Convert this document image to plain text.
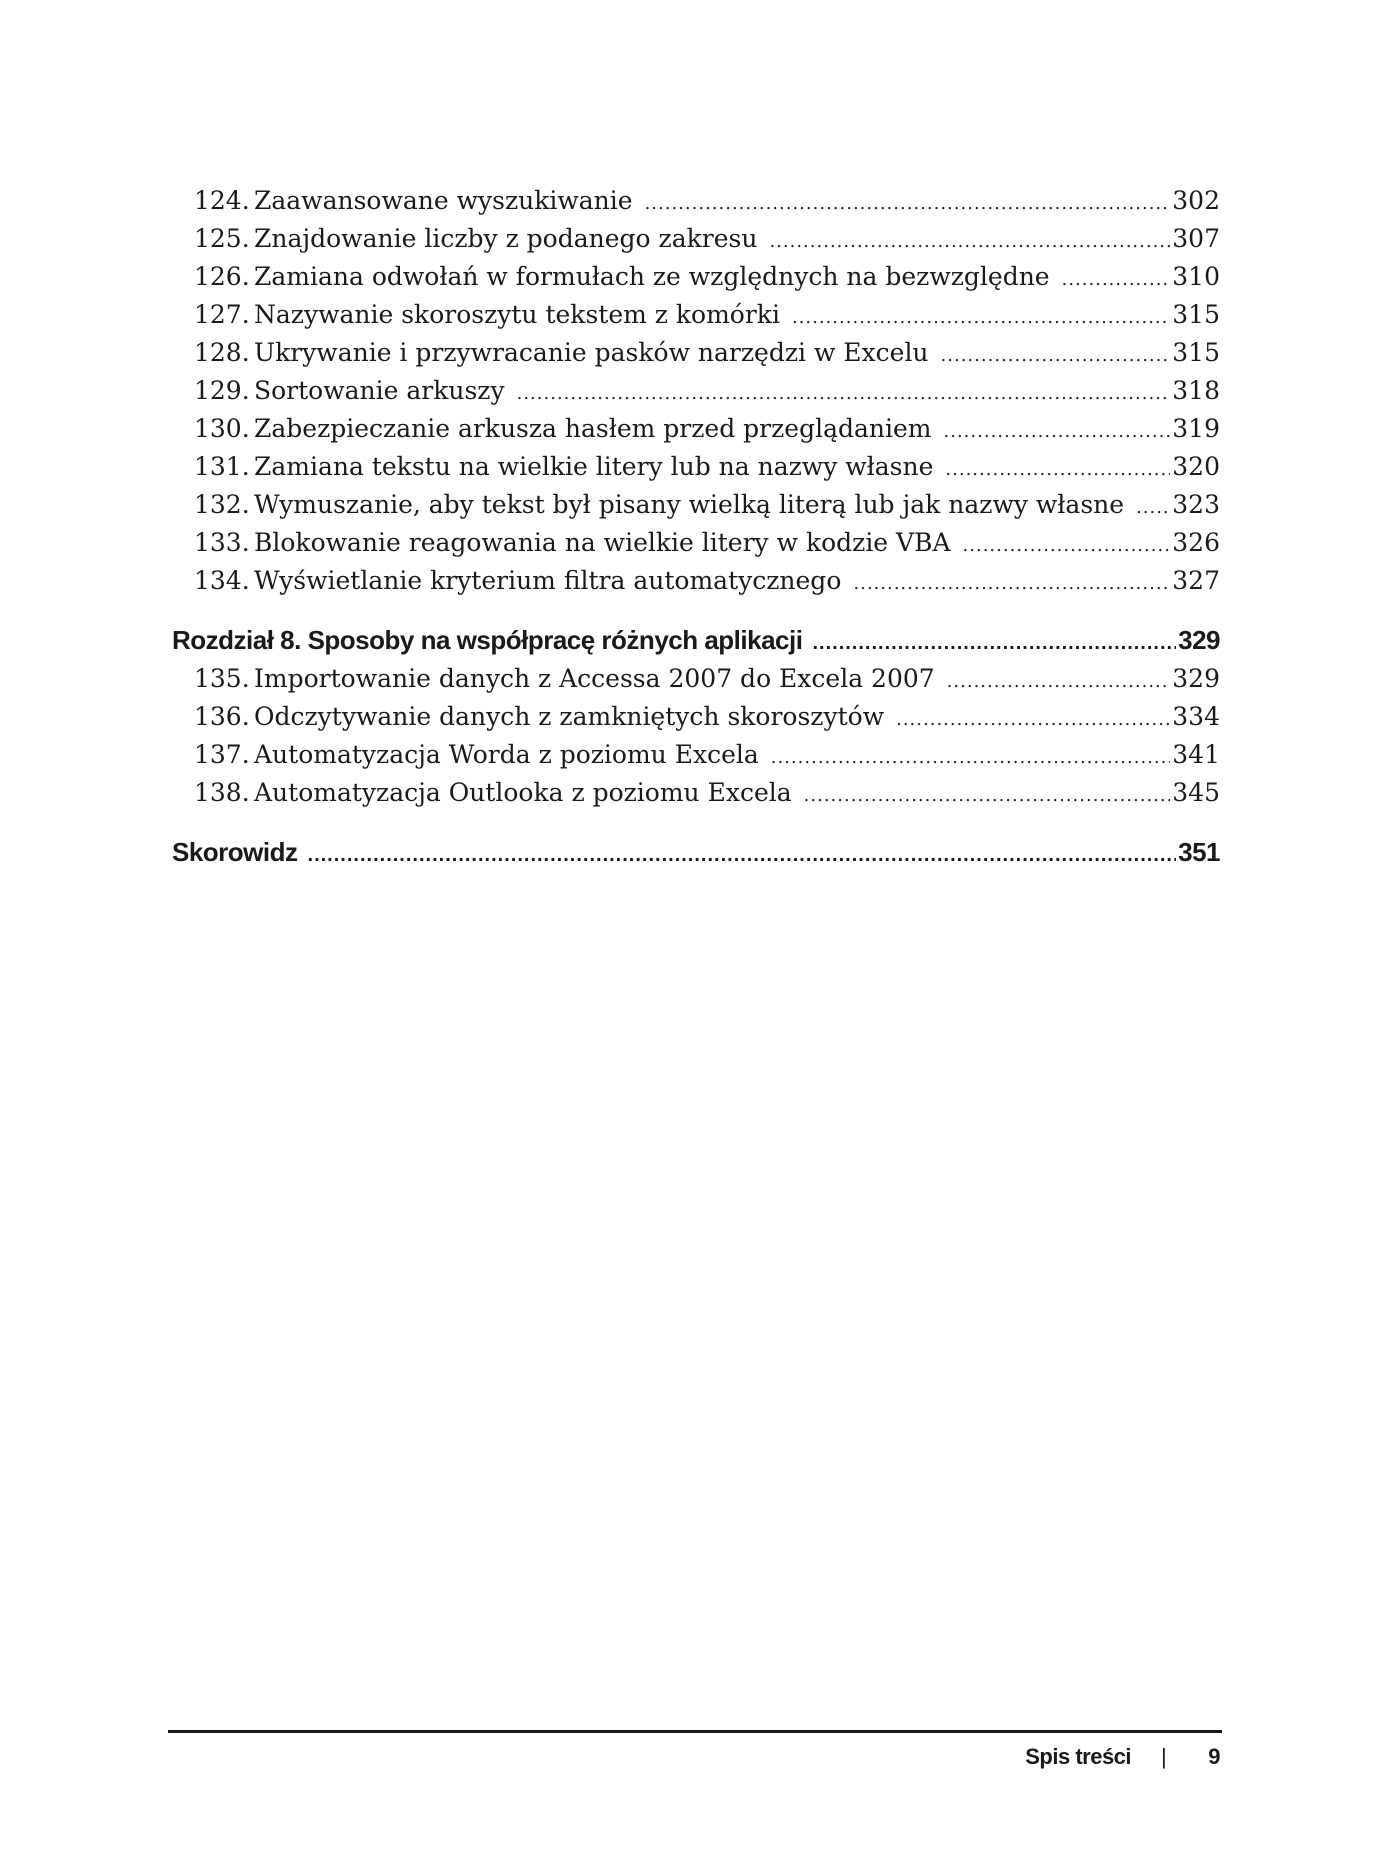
124. Zaawansowane wyszukiwanie .....	302
125. Znajdowanie liczby z podanego zakresu .....	307
126. Zamiana odwołań w formułach ze względnych na bezwzględne .....	310
127. Nazywanie skoroszytu tekstem z komórki .....	315
128. Ukrywanie i przywracanie pasków narzędzi w Excelu .....	315
129. Sortowanie arkuszy .....	318
130. Zabezpieczanie arkusza hasłem przed przeglądaniem .....	319
131. Zamiana tekstu na wielkie litery lub na nazwy własne .....	320
132. Wymuszanie, aby tekst był pisany wielką literą lub jak nazwy własne ..... 323
133. Blokowanie reagowania na wielkie litery w kodzie VBA .....	326
134. Wyświetlanie kryterium filtra automatycznego .....	327
Rozdział 8. Sposoby na współpracę różnych aplikacji .....	329
135. Importowanie danych z Accessa 2007 do Excela 2007 .....	329
136. Odczytywanie danych z zamkniętych skoroszytów .....	334
137. Automatyzacja Worda z poziomu Excela .....	341
138. Automatyzacja Outlooka z poziomu Excela .....	345
Skorowidz .....	351
Spis treści | 9
